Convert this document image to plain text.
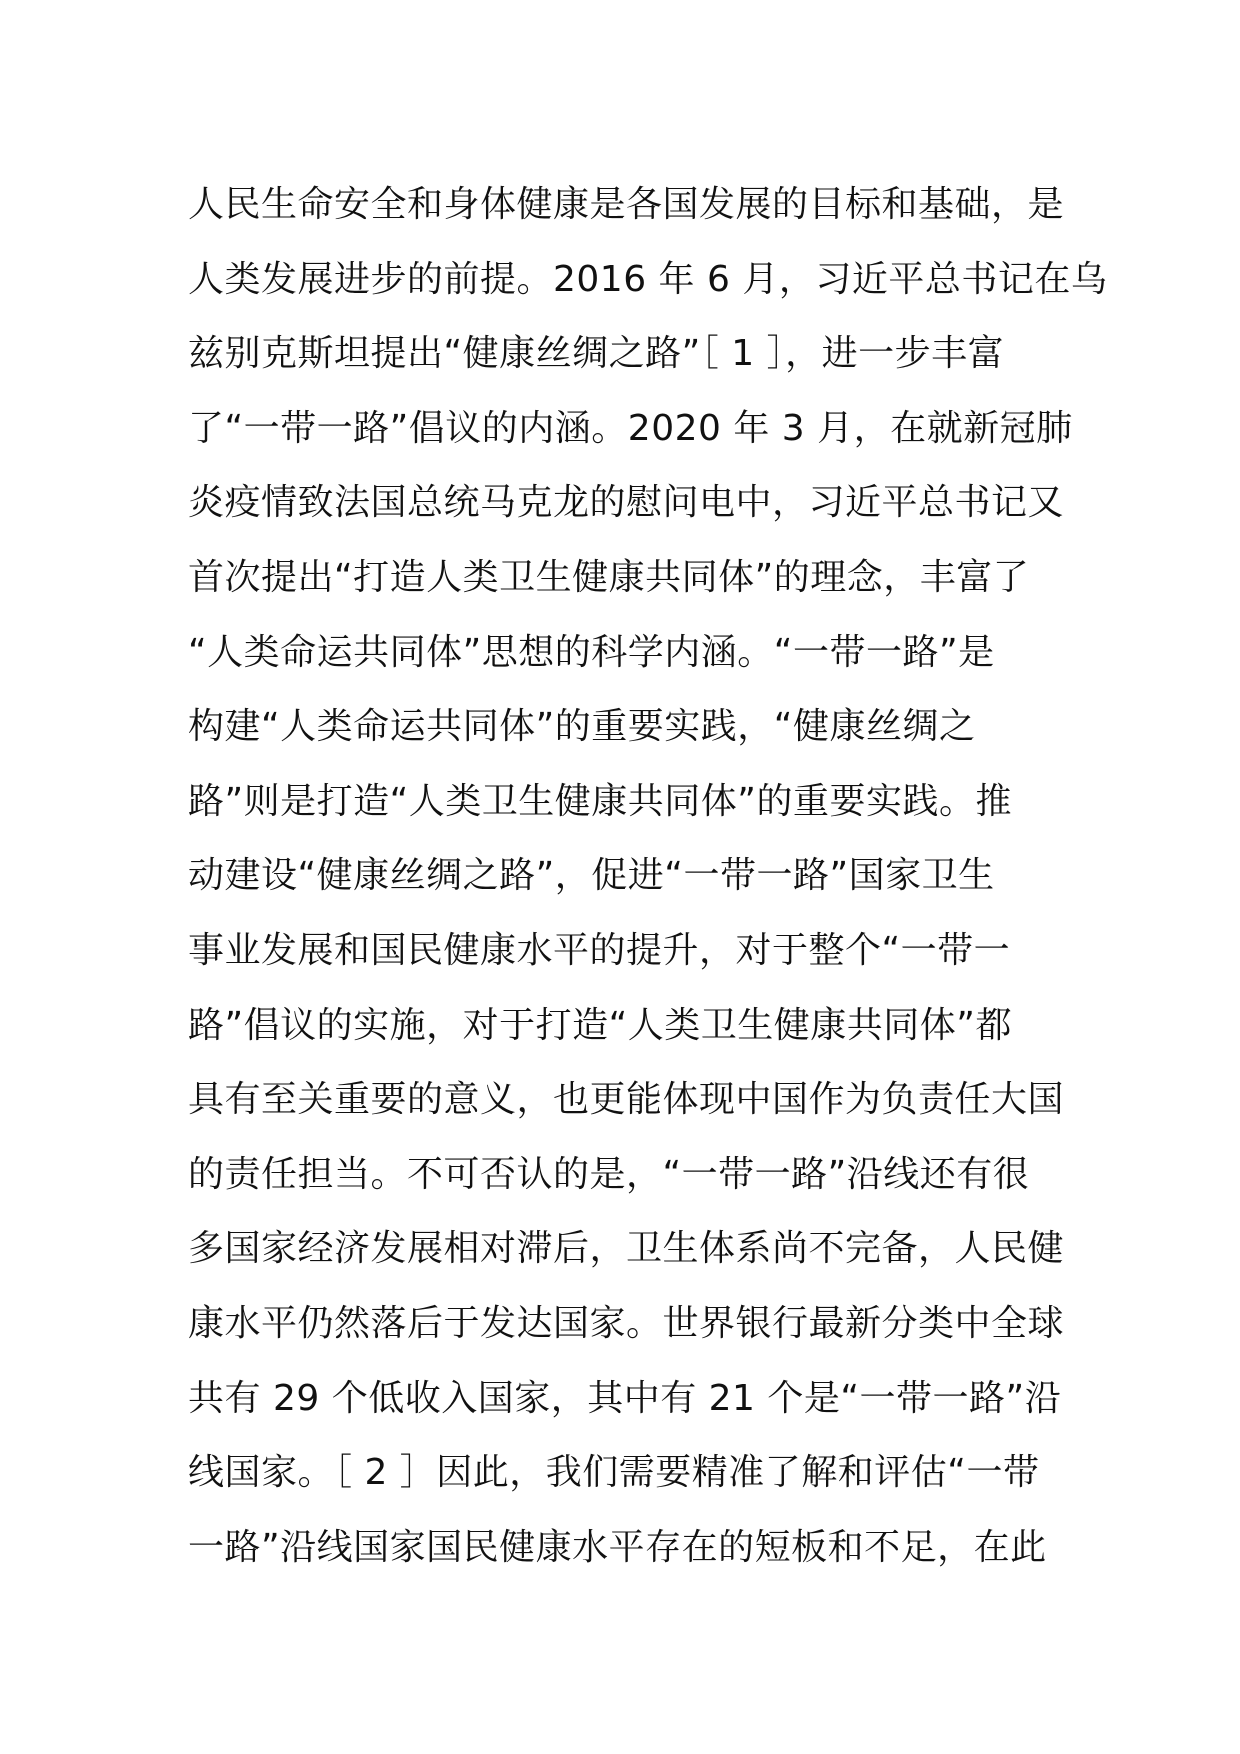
人民生命安全和身体健康是各国发展的目标和基础，是
人类发展进步的前提。2016 年 6 月，习近平总书记在乌
兹别克斯坦提出“健康丝绸之路”［ 1 ］，进一步丰富
了“一带一路”倡议的内涵。2020 年 3 月，在就新冠肺
炎疫情致法国总统马克龙的慰问电中，习近平总书记又
首次提出“打造人类卫生健康共同体”的理念，丰富了
“人类命运共同体”思想的科学内涵。“一带一路”是
构建“人类命运共同体”的重要实践，“健康丝绸之
路”则是打造“人类卫生健康共同体”的重要实践。推
动建设“健康丝绸之路”，促进“一带一路”国家卫生
事业发展和国民健康水平的提升，对于整个“一带一
路”倡议的实施，对于打造“人类卫生健康共同体”都
具有至关重要的意义，也更能体现中国作为负责任大国
的责任担当。不可否认的是，“一带一路”沿线还有很
多国家经济发展相对滞后，卫生体系尚不完备，人民健
康水平仍然落后于发达国家。世界银行最新分类中全球
共有 29 个低收入国家，其中有 21 个是“一带一路”沿
线国家。［ 2 ］因此，我们需要精准了解和评估“一带
一路”沿线国家国民健康水平存在的短板和不足，在此
